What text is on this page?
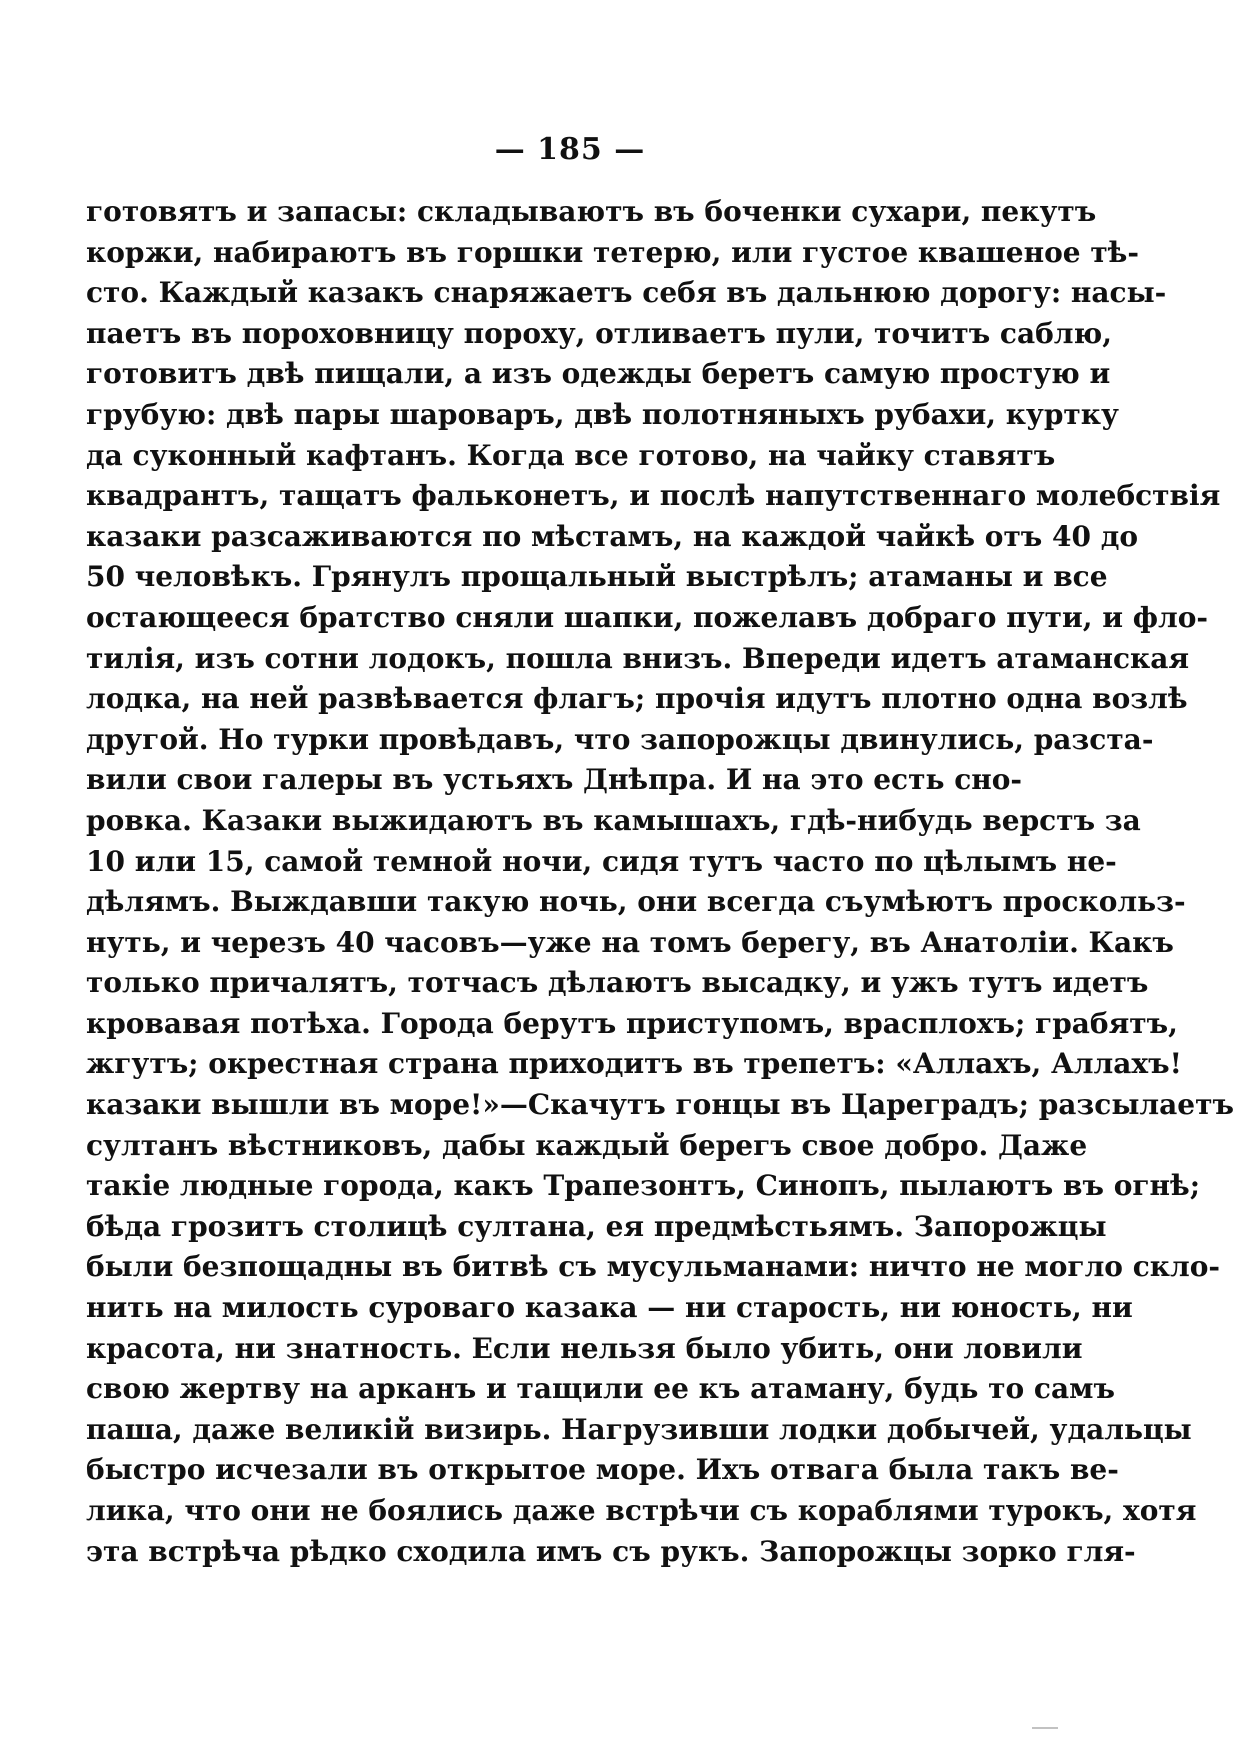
— 185 —
готовятъ и запасы: складываютъ въ боченки сухари, пекутъ
коржи, набираютъ въ горшки тетерю, или густое квашеное тѣ-
сто. Каждый казакъ снаряжаетъ себя въ дальнюю дорогу: насы-
паетъ въ пороховницу пороху, отливаетъ пули, точитъ саблю,
готовитъ двѣ пищали, а изъ одежды беретъ самую простую и
грубую: двѣ пары шароваръ, двѣ полотняныхъ рубахи, куртку
да суконный кафтанъ. Когда все готово, на чайку ставятъ
квадрантъ, тащатъ фальконетъ, и послѣ напутственнаго молебствія
казаки разсаживаются по мѣстамъ, на каждой чайкѣ отъ 40 до
50 человѣкъ. Грянулъ прощальный выстрѣлъ; атаманы и все
остающееся братство сняли шапки, пожелавъ добраго пути, и фло-
тилія, изъ сотни лодокъ, пошла внизъ. Впереди идетъ атаманская
лодка, на ней развѣвается флагъ; прочія идутъ плотно одна возлѣ
другой. Но турки провѣдавъ, что запорожцы двинулись, разста-
вили свои галеры въ устьяхъ Днѣпра. И на это есть сно-
ровка. Казаки выжидаютъ въ камышахъ, гдѣ-нибудь верстъ за
10 или 15, самой темной ночи, сидя тутъ часто по цѣлымъ не-
дѣлямъ. Выждавши такую ночь, они всегда съумѣютъ проскольз-
нуть, и черезъ 40 часовъ—уже на томъ берегу, въ Анатоліи. Какъ
только причалятъ, тотчасъ дѣлаютъ высадку, и ужъ тутъ идетъ
кровавая потѣха. Города берутъ приступомъ, врасплохъ; грабятъ,
жгутъ; окрестная страна приходитъ въ трепетъ: «Аллахъ, Аллахъ!
казаки вышли въ море!»—Скачутъ гонцы въ Цареградъ; разсылаетъ
султанъ вѣстниковъ, дабы каждый берегъ свое добро. Даже
такіе людные города, какъ Трапезонтъ, Синопъ, пылаютъ въ огнѣ;
бѣда грозитъ столицѣ султана, ея предмѣстьямъ. Запорожцы
были безпощадны въ битвѣ съ мусульманами: ничто не могло скло-
нить на милость суроваго казака — ни старость, ни юность, ни
красота, ни знатность. Если нельзя было убить, они ловили
свою жертву на арканъ и тащили ее къ атаману, будь то самъ
паша, даже великій визирь. Нагрузивши лодки добычей, удальцы
быстро исчезали въ открытое море. Ихъ отвага была такъ ве-
лика, что они не боялись даже встрѣчи съ кораблями турокъ, хотя
эта встрѣча рѣдко сходила имъ съ рукъ. Запорожцы зорко гля-
